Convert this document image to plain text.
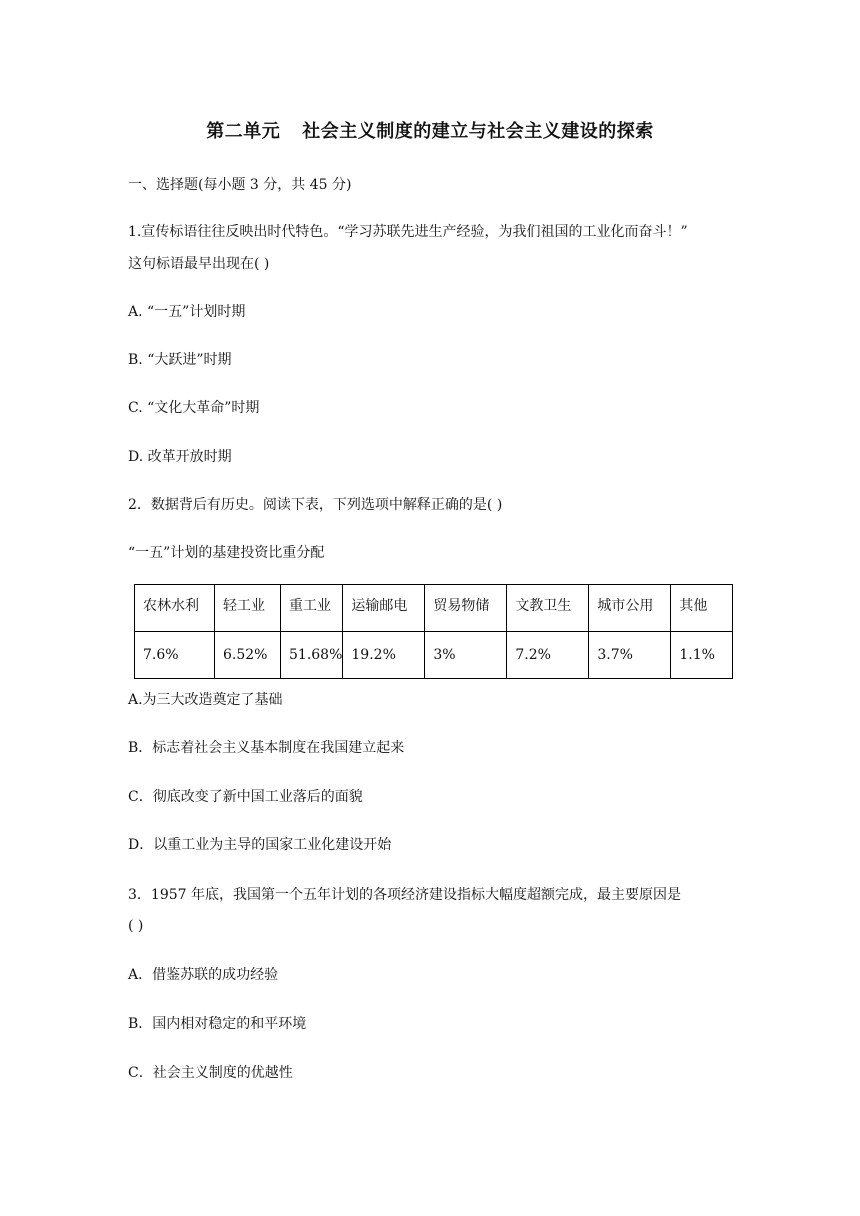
第二单元 社会主义制度的建立与社会主义建设的探索
一、选择题(每小题 3 分，共 45 分)
1.宣传标语往往反映出时代特色。“学习苏联先进生产经验，为我们祖国的工业化而奋斗！”
这句标语最早出现在( )
A. “一五”计划时期
B. “大跃进”时期
C. “文化大革命”时期
D. 改革开放时期
2．数据背后有历史。阅读下表，下列选项中解释正确的是( )
“一五”计划的基建投资比重分配
农林水利	轻工业	重工业	运输邮电	贸易物储	文教卫生	城市公用	其他
7.6%	6.52%	51.68%	19.2%	3%	7.2%	3.7%	1.1%
A.为三大改造奠定了基础
B．标志着社会主义基本制度在我国建立起来
C．彻底改变了新中国工业落后的面貌
D．以重工业为主导的国家工业化建设开始
3．1957 年底，我国第一个五年计划的各项经济建设指标大幅度超额完成，最主要原因是
( )
A．借鉴苏联的成功经验
B．国内相对稳定的和平环境
C．社会主义制度的优越性
